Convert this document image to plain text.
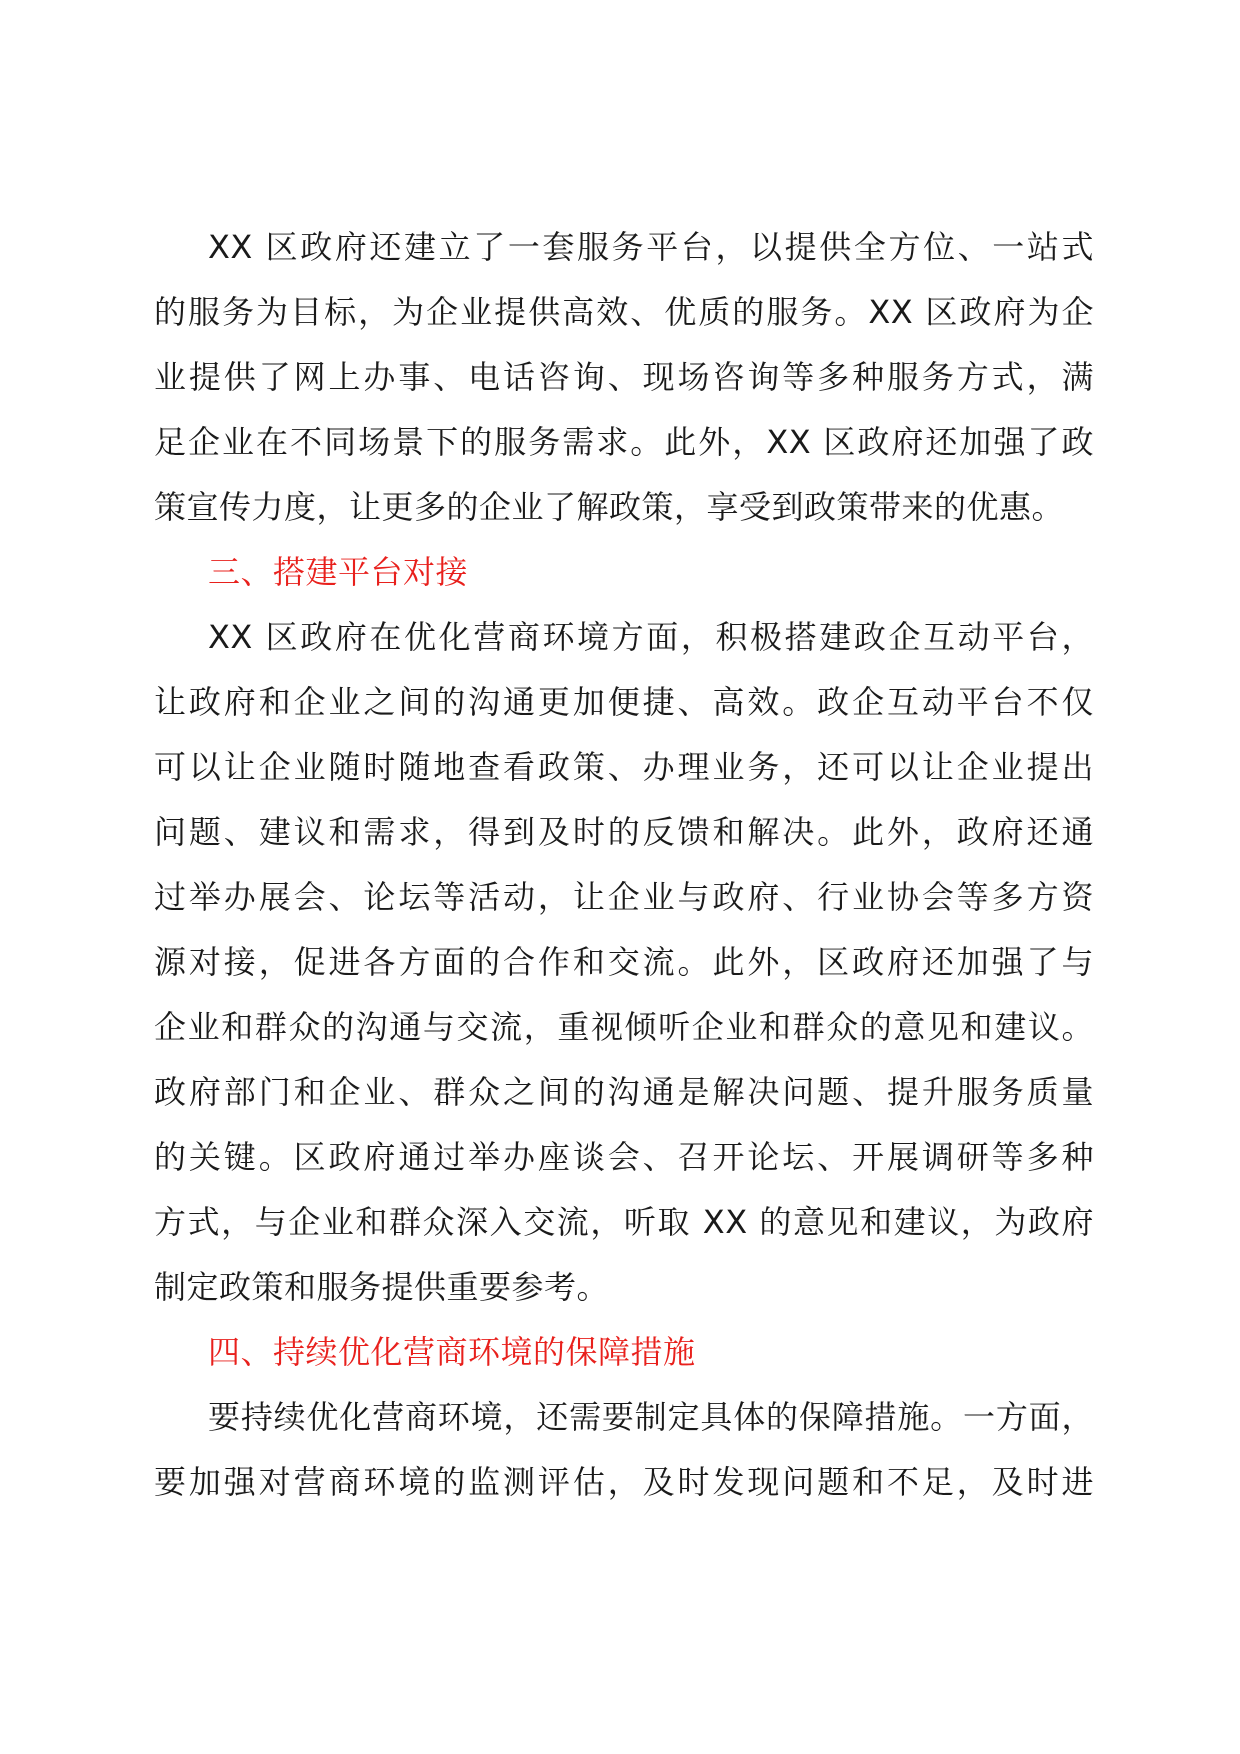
XX 区政府还建立了一套服务平台，以提供全方位、一站式
的服务为目标，为企业提供高效、优质的服务。XX 区政府为企
业提供了网上办事、电话咨询、现场咨询等多种服务方式，满
足企业在不同场景下的服务需求。此外，XX 区政府还加强了政
策宣传力度，让更多的企业了解政策，享受到政策带来的优惠。
三、搭建平台对接
XX 区政府在优化营商环境方面，积极搭建政企互动平台，
让政府和企业之间的沟通更加便捷、高效。政企互动平台不仅
可以让企业随时随地查看政策、办理业务，还可以让企业提出
问题、建议和需求，得到及时的反馈和解决。此外，政府还通
过举办展会、论坛等活动，让企业与政府、行业协会等多方资
源对接，促进各方面的合作和交流。此外，区政府还加强了与
企业和群众的沟通与交流，重视倾听企业和群众的意见和建议。
政府部门和企业、群众之间的沟通是解决问题、提升服务质量
的关键。区政府通过举办座谈会、召开论坛、开展调研等多种
方式，与企业和群众深入交流，听取 XX 的意见和建议，为政府
制定政策和服务提供重要参考。
四、持续优化营商环境的保障措施
要持续优化营商环境，还需要制定具体的保障措施。一方面，
要加强对营商环境的监测评估，及时发现问题和不足，及时进
